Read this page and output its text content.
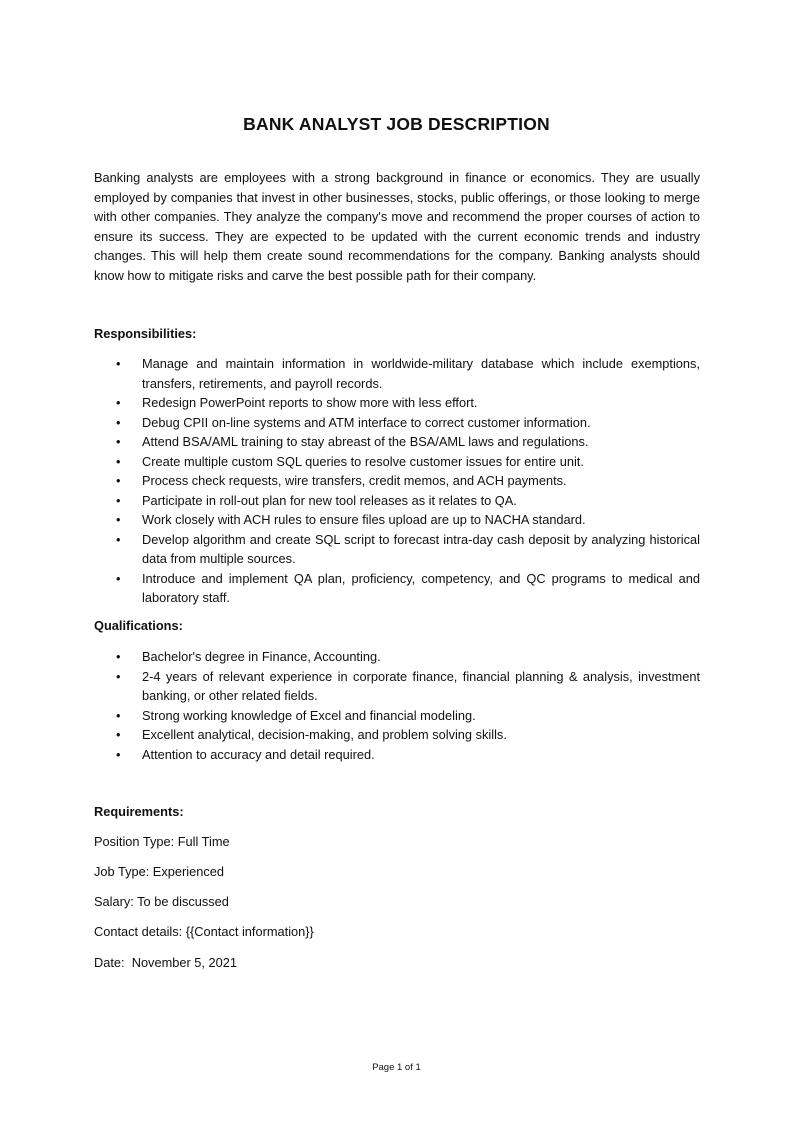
BANK ANALYST JOB DESCRIPTION

Banking analysts are employees with a strong background in finance or economics. They are usually employed by companies that invest in other businesses, stocks, public offerings, or those looking to merge with other companies. They analyze the company's move and recommend the proper courses of action to ensure its success. They are expected to be updated with the current economic trends and industry changes. This will help them create sound recommendations for the company. Banking analysts should know how to mitigate risks and carve the best possible path for their company.

Responsibilities:

• Manage and maintain information in worldwide-military database which include exemptions, transfers, retirements, and payroll records.
• Redesign PowerPoint reports to show more with less effort.
• Debug CPII on-line systems and ATM interface to correct customer information.
• Attend BSA/AML training to stay abreast of the BSA/AML laws and regulations.
• Create multiple custom SQL queries to resolve customer issues for entire unit.
• Process check requests, wire transfers, credit memos, and ACH payments.
• Participate in roll-out plan for new tool releases as it relates to QA.
• Work closely with ACH rules to ensure files upload are up to NACHA standard.
• Develop algorithm and create SQL script to forecast intra-day cash deposit by analyzing historical data from multiple sources.
• Introduce and implement QA plan, proficiency, competency, and QC programs to medical and laboratory staff.

Qualifications:

• Bachelor's degree in Finance, Accounting.
• 2-4 years of relevant experience in corporate finance, financial planning & analysis, investment banking, or other related fields.
• Strong working knowledge of Excel and financial modeling.
• Excellent analytical, decision-making, and problem solving skills.
• Attention to accuracy and detail required.

Requirements:

Position Type: Full Time

Job Type: Experienced

Salary: To be discussed

Contact details: {{Contact information}}

Date:  November 5, 2021

Page 1 of 1
